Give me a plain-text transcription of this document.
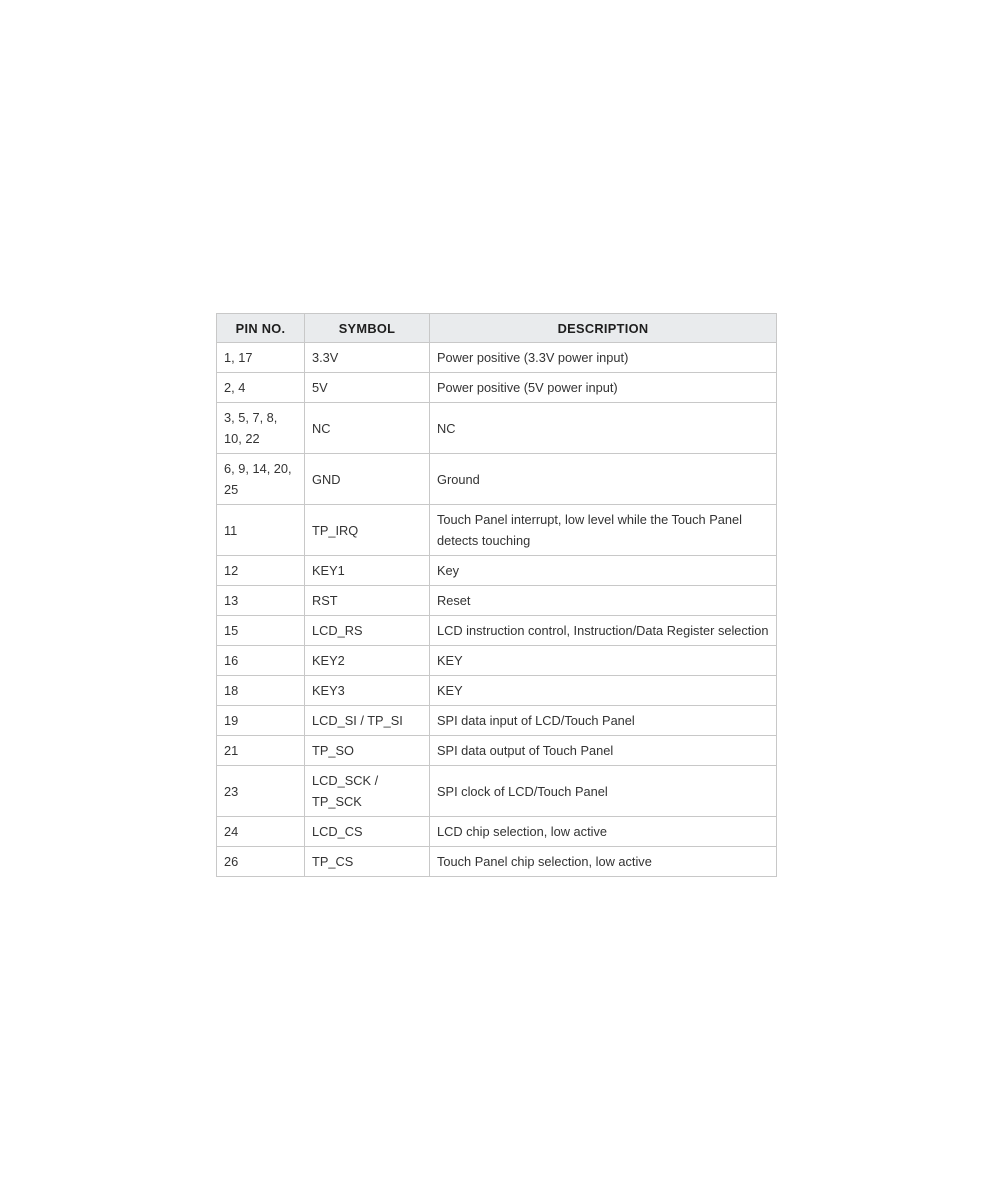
PIN NO.	SYMBOL	DESCRIPTION
1, 17	3.3V	Power positive (3.3V power input)
2, 4	5V	Power positive (5V power input)
3, 5, 7, 8, 10, 22	NC	NC
6, 9, 14, 20, 25	GND	Ground
11	TP_IRQ	Touch Panel interrupt, low level while the Touch Panel detects touching
12	KEY1	Key
13	RST	Reset
15	LCD_RS	LCD instruction control, Instruction/Data Register selection
16	KEY2	KEY
18	KEY3	KEY
19	LCD_SI / TP_SI	SPI data input of LCD/Touch Panel
21	TP_SO	SPI data output of Touch Panel
23	LCD_SCK / TP_SCK	SPI clock of LCD/Touch Panel
24	LCD_CS	LCD chip selection, low active
26	TP_CS	Touch Panel chip selection, low active
